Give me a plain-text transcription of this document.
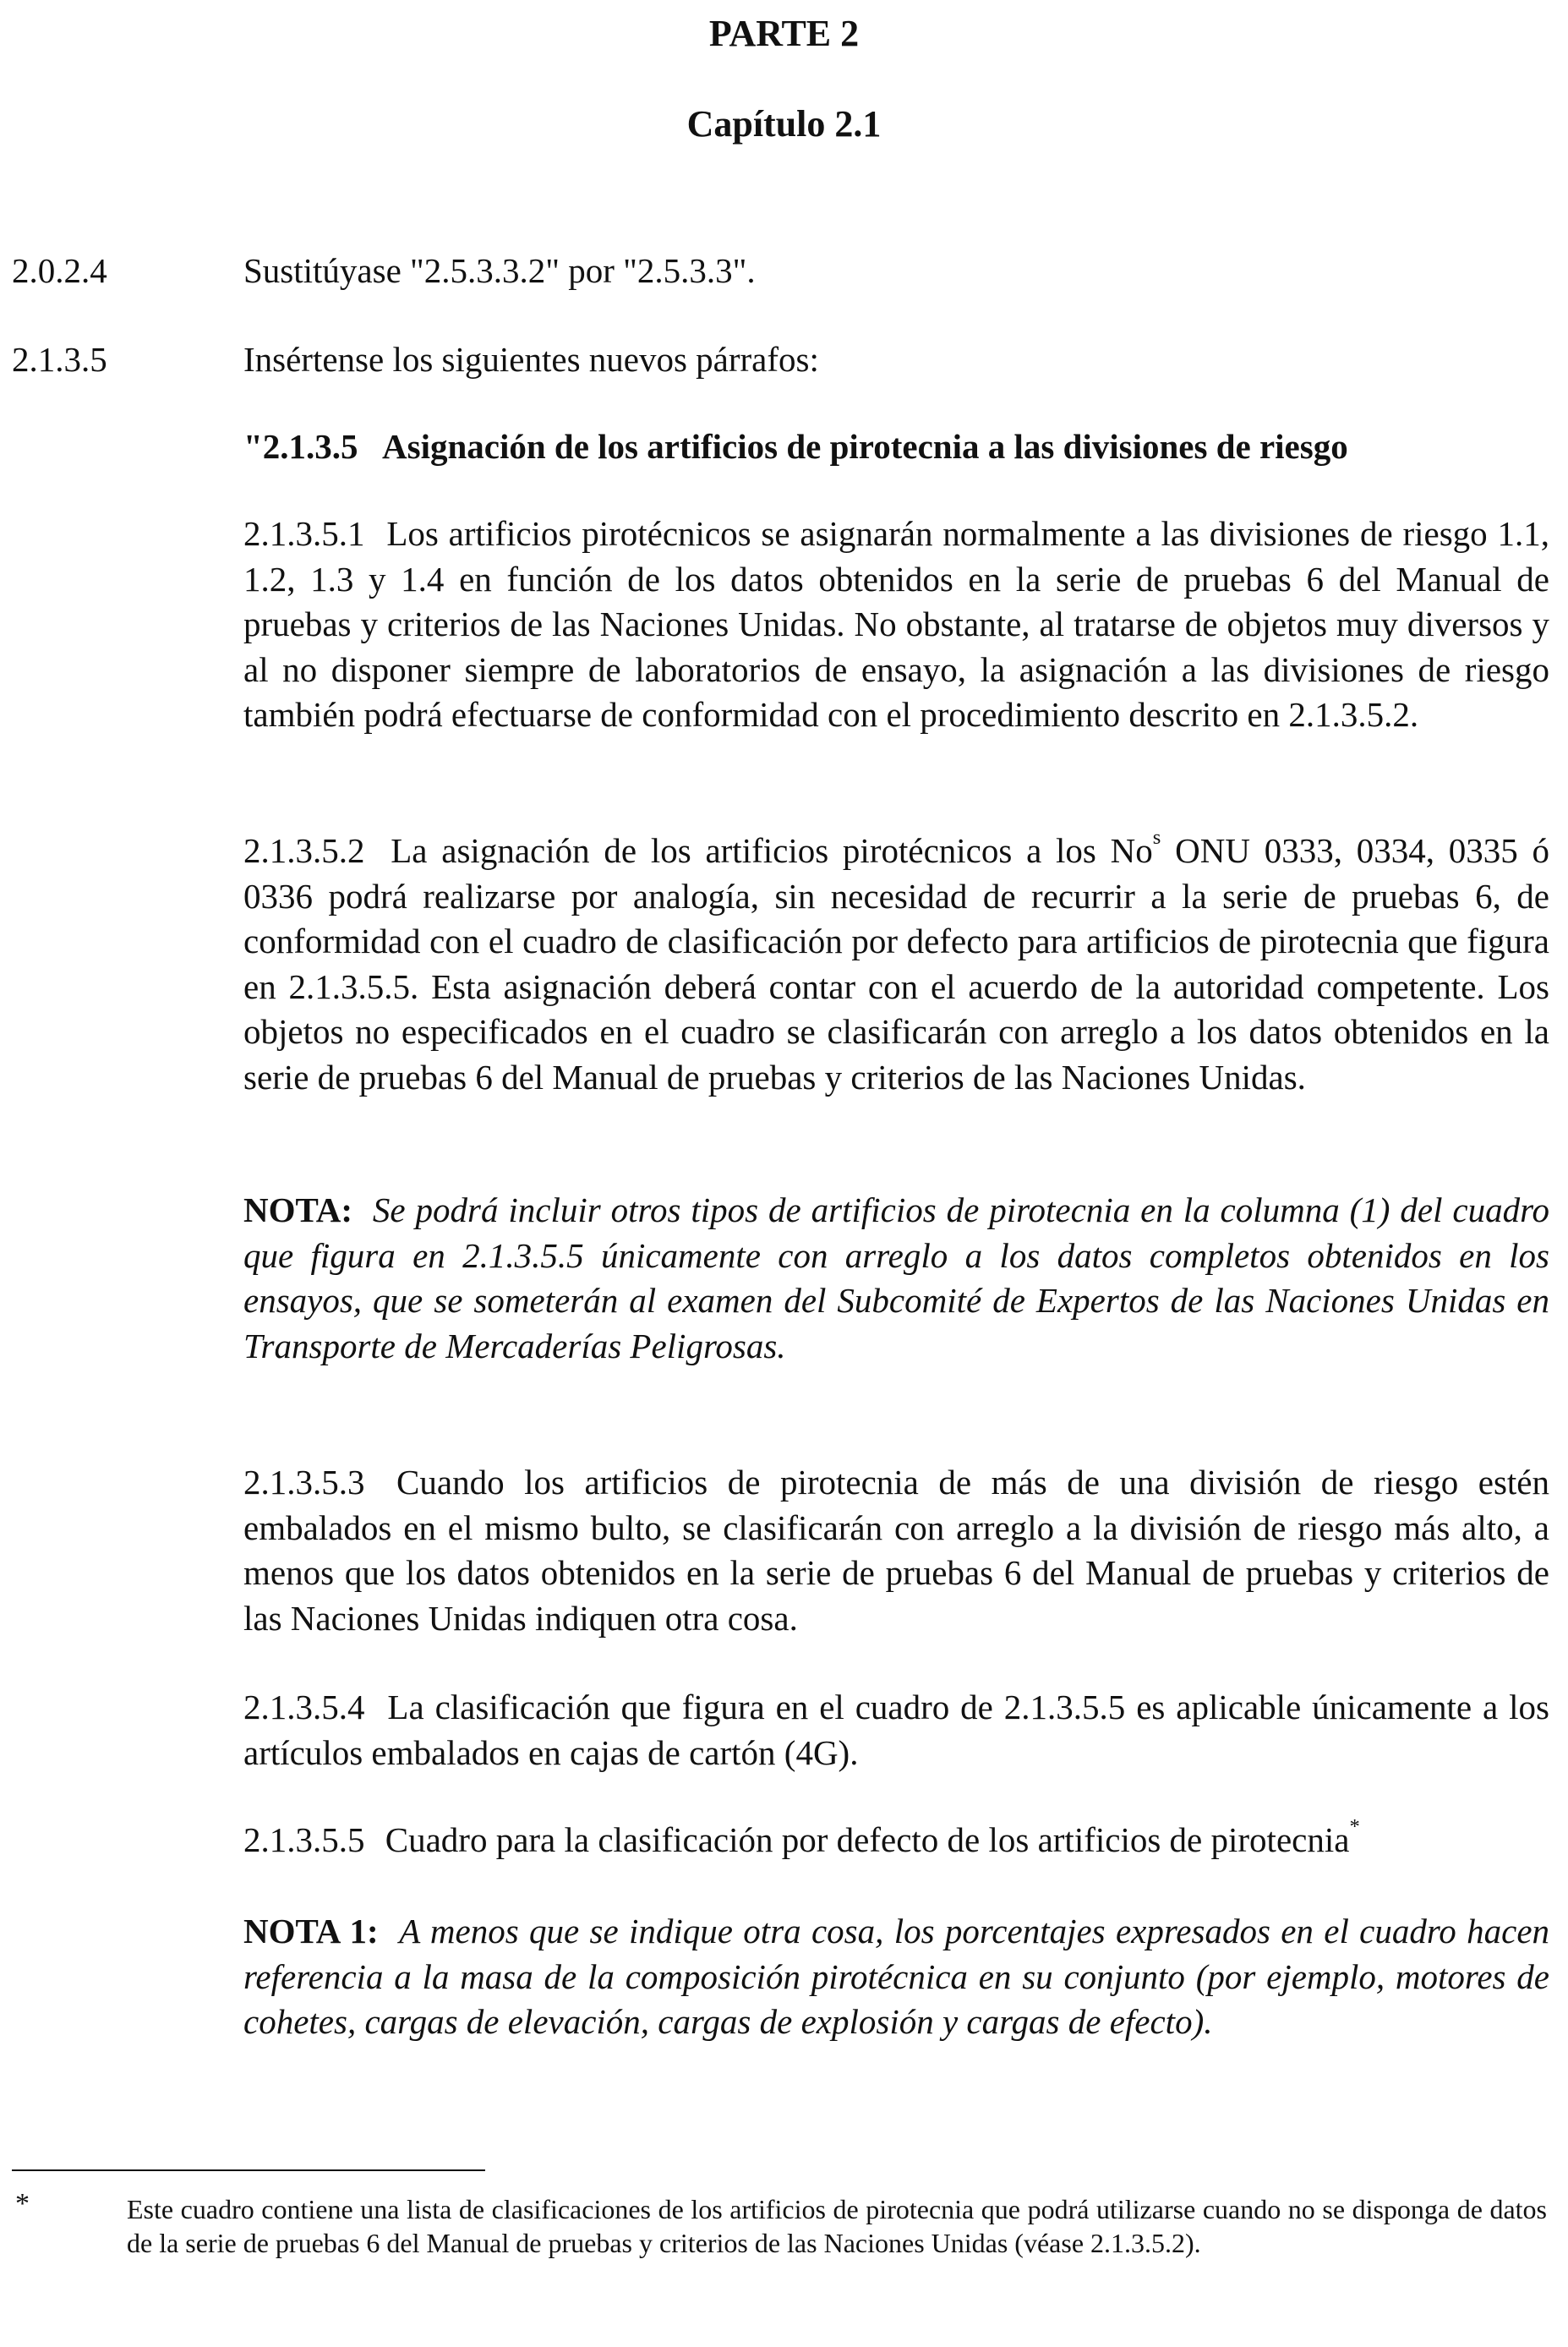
PARTE 2
Capítulo 2.1
2.0.2.4	Sustitúyase "2.5.3.3.2" por "2.5.3.3".
2.1.3.5	Insértense los siguientes nuevos párrafos:
"2.1.3.5   Asignación de los artificios de pirotecnia a las divisiones de riesgo
2.1.3.5.1 Los artificios pirotécnicos se asignarán normalmente a las divisiones de riesgo 1.1, 1.2, 1.3 y 1.4 en función de los datos obtenidos en la serie de pruebas 6 del Manual de pruebas y criterios de las Naciones Unidas. No obstante, al tratarse de objetos muy diversos y al no disponer siempre de laboratorios de ensayo, la asignación a las divisiones de riesgo también podrá efectuarse de conformidad con el procedimiento descrito en 2.1.3.5.2.
2.1.3.5.2 La asignación de los artificios pirotécnicos a los No$^s$ ONU 0333, 0334, 0335 ó 0336 podrá realizarse por analogía, sin necesidad de recurrir a la serie de pruebas 6, de conformidad con el cuadro de clasificación por defecto para artificios de pirotecnia que figura en 2.1.3.5.5. Esta asignación deberá contar con el acuerdo de la autoridad competente. Los objetos no especificados en el cuadro se clasificarán con arreglo a los datos obtenidos en la serie de pruebas 6 del Manual de pruebas y criterios de las Naciones Unidas.
NOTA: Se podrá incluir otros tipos de artificios de pirotecnia en la columna (1) del cuadro que figura en 2.1.3.5.5 únicamente con arreglo a los datos completos obtenidos en los ensayos, que se someterán al examen del Subcomité de Expertos de las Naciones Unidas en Transporte de Mercaderías Peligrosas.
2.1.3.5.3 Cuando los artificios de pirotecnia de más de una división de riesgo estén embalados en el mismo bulto, se clasificarán con arreglo a la división de riesgo más alto, a menos que los datos obtenidos en la serie de pruebas 6 del Manual de pruebas y criterios de las Naciones Unidas indiquen otra cosa.
2.1.3.5.4 La clasificación que figura en el cuadro de 2.1.3.5.5 es aplicable únicamente a los artículos embalados en cajas de cartón (4G).
2.1.3.5.5 Cuadro para la clasificación por defecto de los artificios de pirotecnia*
NOTA 1: A menos que se indique otra cosa, los porcentajes expresados en el cuadro hacen referencia a la masa de la composición pirotécnica en su conjunto (por ejemplo, motores de cohetes, cargas de elevación, cargas de explosión y cargas de efecto).
*	Este cuadro contiene una lista de clasificaciones de los artificios de pirotecnia que podrá utilizarse cuando no se disponga de datos de la serie de pruebas 6 del Manual de pruebas y criterios de las Naciones Unidas (véase 2.1.3.5.2).
